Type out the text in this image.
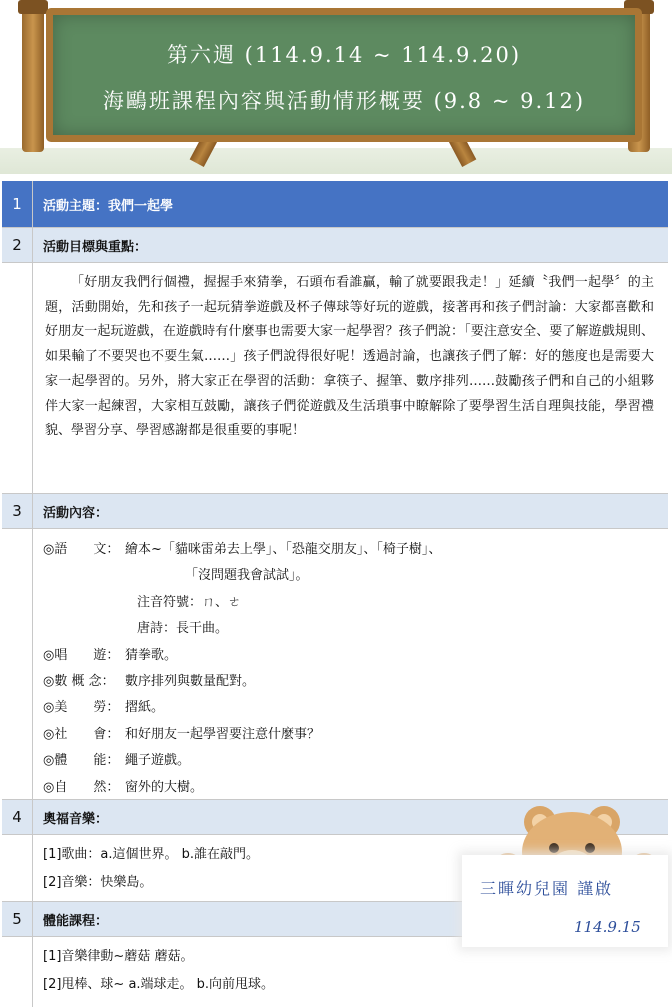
第六週 (114.9.14 ~ 114.9.20)
海鷗班課程內容與活動情形概要 (9.8 ~ 9.12)
1	活動主題：我們一起學
2	活動目標與重點：
「好朋友我們行個禮，握握手來猜拳，石頭布看誰贏，輸了就要跟我走！」延續〝我們一起學〞的主題，活動開始，先和孩子一起玩猜拳遊戲及杯子傳球等好玩的遊戲，接著再和孩子們討論：大家都喜歡和好朋友一起玩遊戲，在遊戲時有什麼事也需要大家一起學習？孩子們說：「要注意安全、要了解遊戲規則、如果輸了不要哭也不要生氣……」孩子們說得很好呢！透過討論，也讓孩子們了解：好的態度也是需要大家一起學習的。另外，將大家正在學習的活動：拿筷子、握筆、數序排列……鼓勵孩子們和自己的小組夥伴大家一起練習，大家相互鼓勵，讓孩子們從遊戲及生活瑣事中瞭解除了要學習生活自理與技能，學習禮貌、學習分享、學習感謝都是很重要的事呢！
3	活動內容：
◎語　　文： 繪本~「貓咪雷弟去上學」、「恐龍交朋友」、「椅子樹」、
「沒問題我會試試」。
注音符號：ㄇ、ㄜ
唐詩：長干曲。
◎唱　　遊： 猜拳歌。
◎數 概 念： 數序排列與數量配對。
◎美　　勞： 摺紙。
◎社　　會： 和好朋友一起學習要注意什麼事？
◎體　　能： 繩子遊戲。
◎自　　然： 窗外的大樹。
4	奧福音樂：
[1]歌曲：a.這個世界。 b.誰在敲門。
[2]音樂：快樂島。
5	體能課程：
[1]音樂律動~蘑菇 蘑菇。
[2]甩棒、球~ a.端球走。 b.向前甩球。
三暉幼兒園 謹啟
114.9.15
